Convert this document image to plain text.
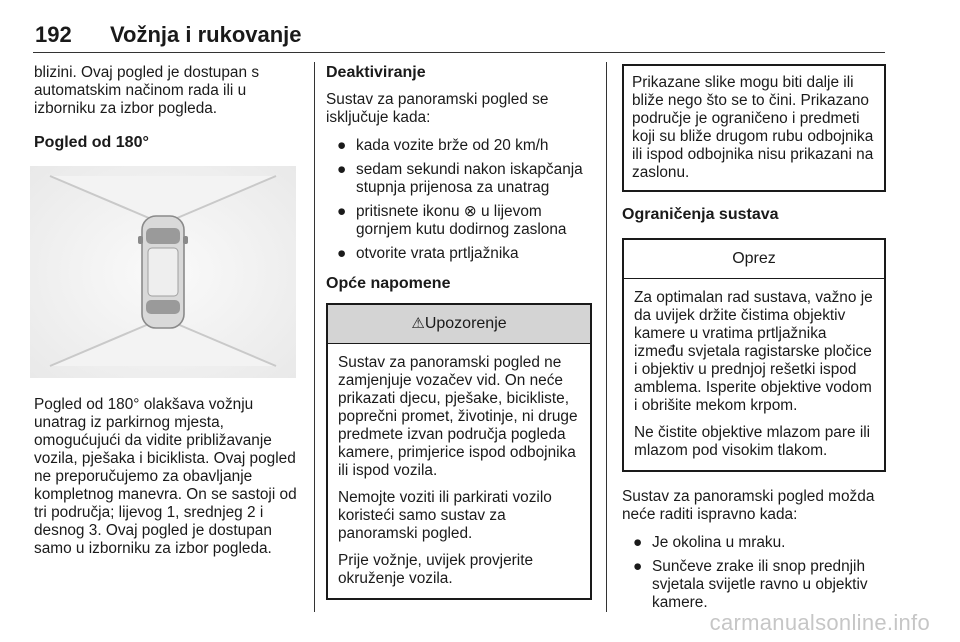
192 Vožnja i rukovanje

blizini. Ovaj pogled je dostupan s automatskim načinom rada ili u izborniku za izbor pogleda.

Pogled od 180°

Pogled od 180° olakšava vožnju unatrag iz parkirnog mjesta, omogućujući da vidite približavanje vozila, pješaka i biciklista. Ovaj pogled ne preporučujemo za obavljanje kompletnog manevra. On se sastoji od tri područja; lijevog 1, srednjeg 2 i desnog 3. Ovaj pogled je dostupan samo u izborniku za izbor pogleda.

Deaktiviranje

Sustav za panoramski pogled se isključuje kada:

● kada vozite brže od 20 km/h
● sedam sekundi nakon iskapčanja stupnja prijenosa za unatrag
● pritisnete ikonu ⊗ u lijevom gornjem kutu dodirnog zaslona
● otvorite vrata prtljažnika

Opće napomene

⚠Upozorenje

Sustav za panoramski pogled ne zamjenjuje vozačev vid. On neće prikazati djecu, pješake, bicikliste, poprečni promet, životinje, ni druge predmete izvan područja pogleda kamere, primjerice ispod odbojnika ili ispod vozila.

Nemojte voziti ili parkirati vozilo koristeći samo sustav za panoramski pogled.

Prije vožnje, uvijek provjerite okruženje vozila.

Prikazane slike mogu biti dalje ili bliže nego što se to čini. Prikazano područje je ograničeno i predmeti koji su bliže drugom rubu odbojnika ili ispod odbojnika nisu prikazani na zaslonu.

Ograničenja sustava

Oprez

Za optimalan rad sustava, važno je da uvijek držite čistima objektiv kamere u vratima prtljažnika između svjetala ragistarske pločice i objektiv u prednjoj rešetki ispod amblema. Isperite objektive vodom i obrišite mekom krpom.

Ne čistite objektive mlazom pare ili mlazom pod visokim tlakom.

Sustav za panoramski pogled možda neće raditi ispravno kada:

● Je okolina u mraku.
● Sunčeve zrake ili snop prednjih svjetala svijetle ravno u objektiv kamere.
carmanualsonline.info
